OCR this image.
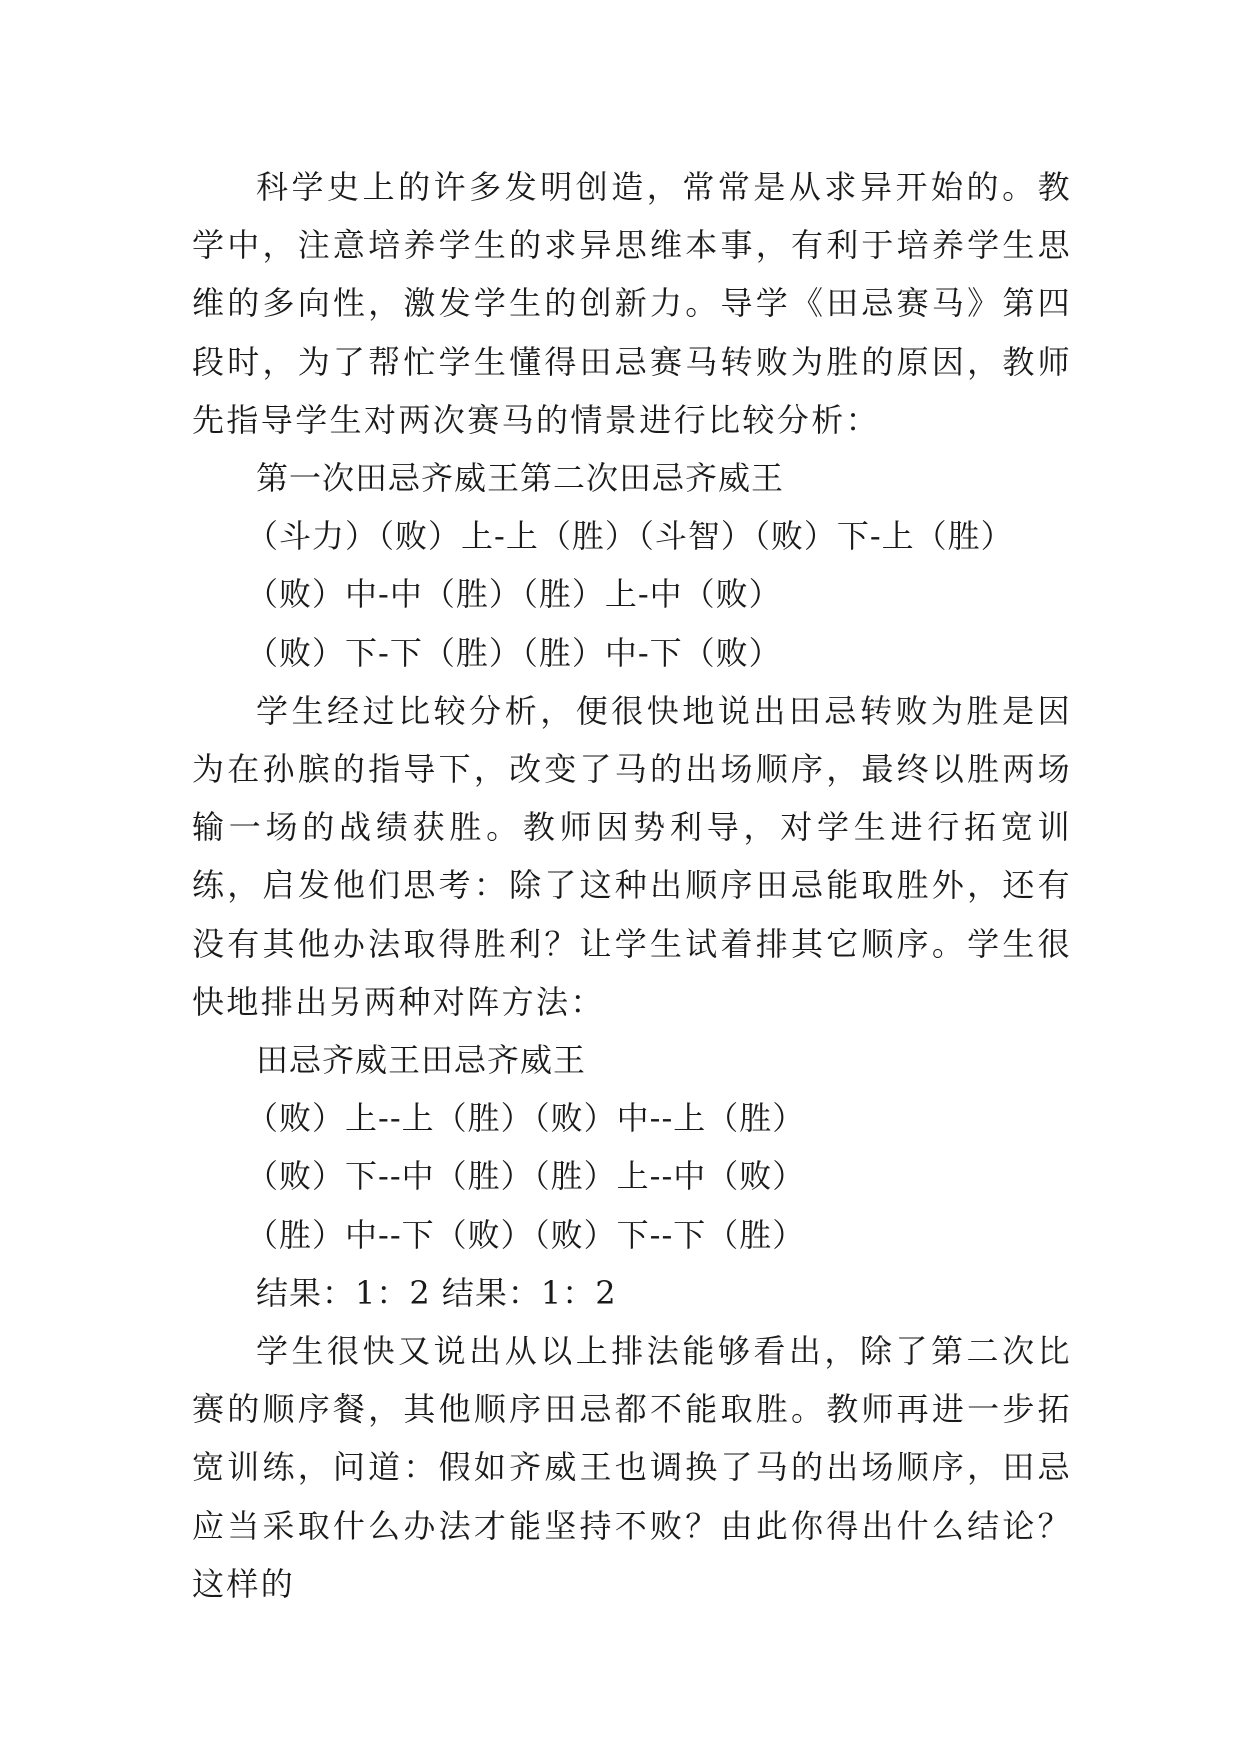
科学史上的许多发明创造，常常是从求异开始的。教学中，注意培养学生的求异思维本事，有利于培养学生思维的多向性，激发学生的创新力。导学《田忌赛马》第四段时，为了帮忙学生懂得田忌赛马转败为胜的原因，教师先指导学生对两次赛马的情景进行比较分析：

第一次田忌齐威王第二次田忌齐威王

（斗力）（败）上-上（胜）（斗智）（败）下-上（胜）

（败）中-中（胜）（胜）上-中（败）

（败）下-下（胜）（胜）中-下（败）

学生经过比较分析，便很快地说出田忌转败为胜是因为在孙膑的指导下，改变了马的出场顺序，最终以胜两场输一场的战绩获胜。教师因势利导，对学生进行拓宽训练，启发他们思考：除了这种出顺序田忌能取胜外，还有没有其他办法取得胜利？让学生试着排其它顺序。学生很快地排出另两种对阵方法：

田忌齐威王田忌齐威王

（败）上--上（胜）（败）中--上（胜）

（败）下--中（胜）（胜）上--中（败）

（胜）中--下（败）（败）下--下（胜）

结果：1：2 结果：1：2

学生很快又说出从以上排法能够看出，除了第二次比赛的顺序餐，其他顺序田忌都不能取胜。教师再进一步拓宽训练，问道：假如齐威王也调换了马的出场顺序，田忌应当采取什么办法才能坚持不败？由此你得出什么结论？这样的
